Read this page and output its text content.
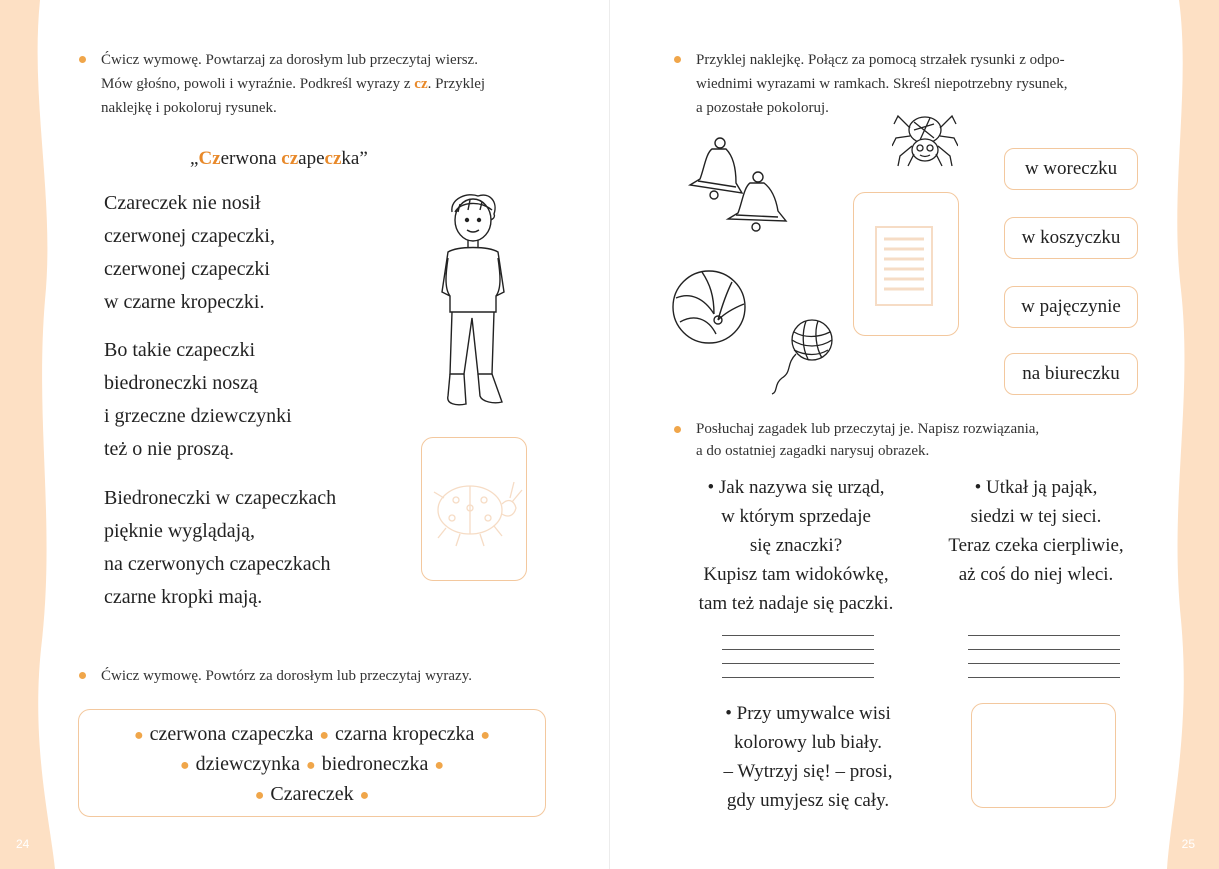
Ćwicz wymowę. Powtarzaj za dorosłym lub przeczytaj wiersz.
Mów głośno, powoli i wyraźnie. Podkreśl wyrazy z cz. Przyklej
naklejkę i pokoloruj rysunek.
„Czerwona czapeczka”
Czareczek nie nosił
czerwonej czapeczki,
czerwonej czapeczki
w czarne kropeczki.
Bo takie czapeczki
biedroneczki noszą
i grzeczne dziewczynki
też o nie proszą.
Biedroneczki w czapeczkach
pięknie wyglądają,
na czerwonych czapeczkach
czarne kropki mają.
Ćwicz wymowę. Powtórz za dorosłym lub przeczytaj wyrazy.
● czerwona czapeczka ● czarna kropeczka ●
● dziewczynka ● biedroneczka ●
● Czareczek ●
24
Przyklej naklejkę. Połącz za pomocą strzałek rysunki z odpo-
wiednimi wyrazami w ramkach. Skreśl niepotrzebny rysunek,
a pozostałe pokoloruj.
w woreczku
w koszyczku
w pajęczynie
na biureczku
Posłuchaj zagadek lub przeczytaj je. Napisz rozwiązania,
a do ostatniej zagadki narysuj obrazek.
• Jak nazywa się urząd,
w którym sprzedaje
się znaczki?
Kupisz tam widokówkę,
tam też nadaje się paczki.
• Utkał ją pająk,
siedzi w tej sieci.
Teraz czeka cierpliwie,
aż coś do niej wleci.
• Przy umywalce wisi
kolorowy lub biały.
– Wytrzyj się! – prosi,
gdy umyjesz się cały.
25
